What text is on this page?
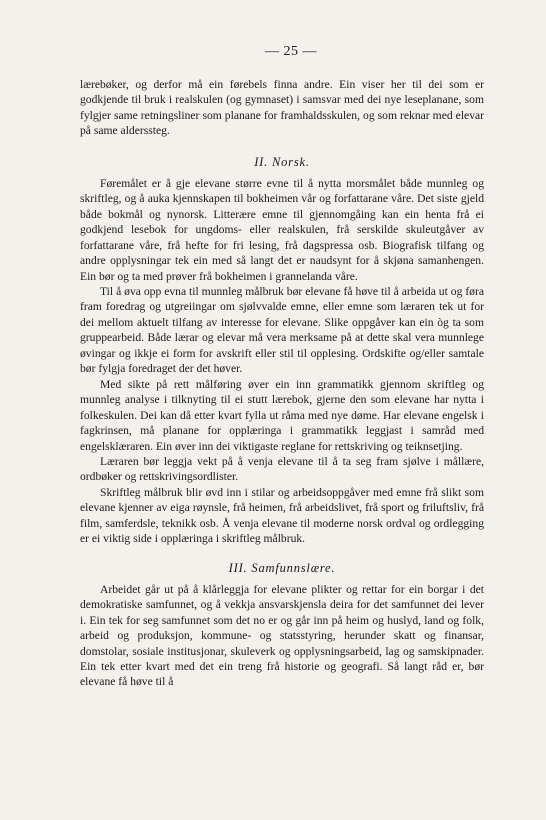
— 25 —

lærebøker, og derfor må ein førebels finna andre. Ein viser her til dei som er godkjende til bruk i realskulen (og gymnaset) i samsvar med dei nye leseplanane, som fylgjer same retningsliner som planane for framhaldsskulen, og som reknar med elevar på same alderssteg.

II. Norsk.

Føremålet er å gje elevane større evne til å nytta morsmålet både munnleg og skriftleg, og å auka kjennskapen til bokheimen vår og forfattarane våre. Det siste gjeld både bokmål og nynorsk. Litterære emne til gjennomgåing kan ein henta frå ei godkjend lesebok for ungdoms- eller realskulen, frå serskilde skuleutgåver av forfattarane våre, frå hefte for fri lesing, frå dagspressa osb. Biografisk tilfang og andre opplysningar tek ein med så langt det er naudsynt for å skjøna samanhengen. Ein bør og ta med prøver frå bokheimen i grannelanda våre.

Til å øva opp evna til munnleg målbruk bør elevane få høve til å arbeida ut og føra fram foredrag og utgreiingar om sjølvvalde emne, eller emne som læraren tek ut for dei mellom aktuelt tilfang av interesse for elevane. Slike oppgåver kan ein òg ta som gruppearbeid. Både lærar og elevar må vera merksame på at dette skal vera munnlege øvingar og ikkje ei form for avskrift eller stil til opplesing. Ordskifte og/eller samtale bør fylgja foredraget der det høver.

Med sikte på rett målføring øver ein inn grammatikk gjennom skriftleg og munnleg analyse i tilknyting til ei stutt lærebok, gjerne den som elevane har nytta i folkeskulen. Dei kan då etter kvart fylla ut råma med nye døme. Har elevane engelsk i fagkrinsen, må planane for opplæringa i grammatikk leggjast i samråd med engelsklæraren. Ein øver inn dei viktigaste reglane for rettskriving og teiknsetjing.

Læraren bør leggja vekt på å venja elevane til å ta seg fram sjølve i mållære, ordbøker og rettskrivingsordlister.

Skriftleg målbruk blir øvd inn i stilar og arbeidsoppgåver med emne frå slikt som elevane kjenner av eiga røynsle, frå heimen, frå arbeidslivet, frå sport og friluftsliv, frå film, samferdsle, teknikk osb. Å venja elevane til moderne norsk ordval og ordlegging er ei viktig side i opplæringa i skriftleg målbruk.

III. Samfunnslære.

Arbeidet går ut på å klårleggja for elevane plikter og rettar for ein borgar i det demokratiske samfunnet, og å vekkja ansvarskjensla deira for det samfunnet dei lever i. Ein tek for seg samfunnet som det no er og går inn på heim og huslyd, land og folk, arbeid og produksjon, kommune- og statsstyring, herunder skatt og finansar, domstolar, sosiale institusjonar, skuleverk og opplysningsarbeid, lag og samskipnader. Ein tek etter kvart med det ein treng frå historie og geografi. Så langt råd er, bør elevane få høve til å
